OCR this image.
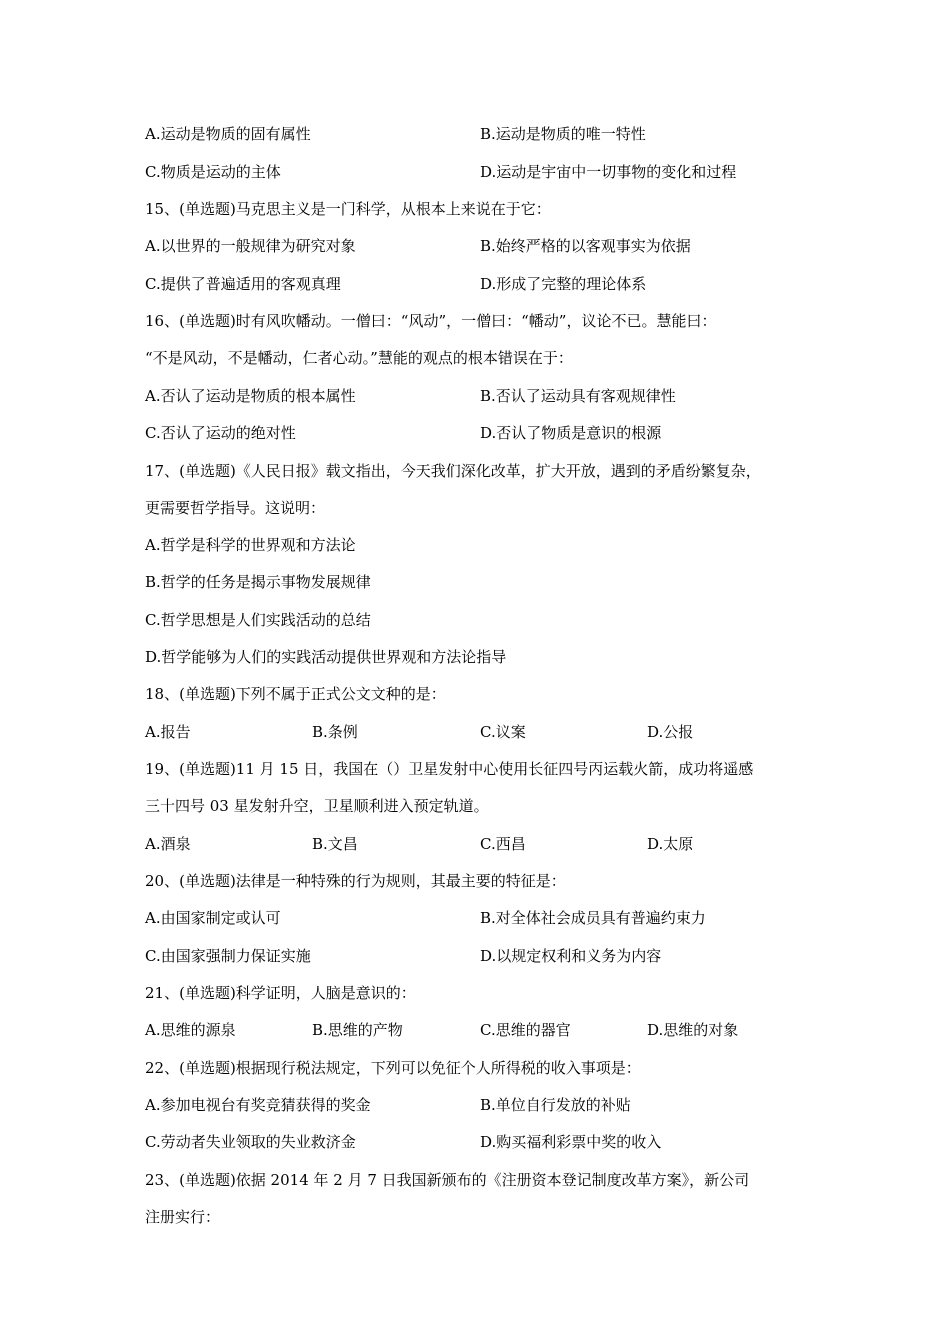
A.运动是物质的固有属性	B.运动是物质的唯一特性
C.物质是运动的主体	D.运动是宇宙中一切事物的变化和过程
15、(单选题)马克思主义是一门科学，从根本上来说在于它：
A.以世界的一般规律为研究对象	B.始终严格的以客观事实为依据
C.提供了普遍适用的客观真理	D.形成了完整的理论体系
16、(单选题)时有风吹幡动。一僧曰：“风动”，一僧曰：“幡动”，议论不已。慧能曰：
“不是风动，不是幡动，仁者心动。”慧能的观点的根本错误在于：
A.否认了运动是物质的根本属性	B.否认了运动具有客观规律性
C.否认了运动的绝对性	D.否认了物质是意识的根源
17、(单选题)《人民日报》载文指出，今天我们深化改革，扩大开放，遇到的矛盾纷繁复杂，
更需要哲学指导。这说明：
A.哲学是科学的世界观和方法论
B.哲学的任务是揭示事物发展规律
C.哲学思想是人们实践活动的总结
D.哲学能够为人们的实践活动提供世界观和方法论指导
18、(单选题)下列不属于正式公文文种的是：
A.报告	B.条例	C.议案	D.公报
19、(单选题)11 月 15 日，我国在（）卫星发射中心使用长征四号丙运载火箭，成功将遥感
三十四号 03 星发射升空，卫星顺利进入预定轨道。
A.酒泉	B.文昌	C.西昌	D.太原
20、(单选题)法律是一种特殊的行为规则，其最主要的特征是：
A.由国家制定或认可	B.对全体社会成员具有普遍约束力
C.由国家强制力保证实施	D.以规定权利和义务为内容
21、(单选题)科学证明，人脑是意识的：
A.思维的源泉	B.思维的产物	C.思维的器官	D.思维的对象
22、(单选题)根据现行税法规定，下列可以免征个人所得税的收入事项是：
A.参加电视台有奖竞猜获得的奖金	B.单位自行发放的补贴
C.劳动者失业领取的失业救济金	D.购买福利彩票中奖的收入
23、(单选题)依据 2014 年 2 月 7 日我国新颁布的《注册资本登记制度改革方案》，新公司
注册实行：
